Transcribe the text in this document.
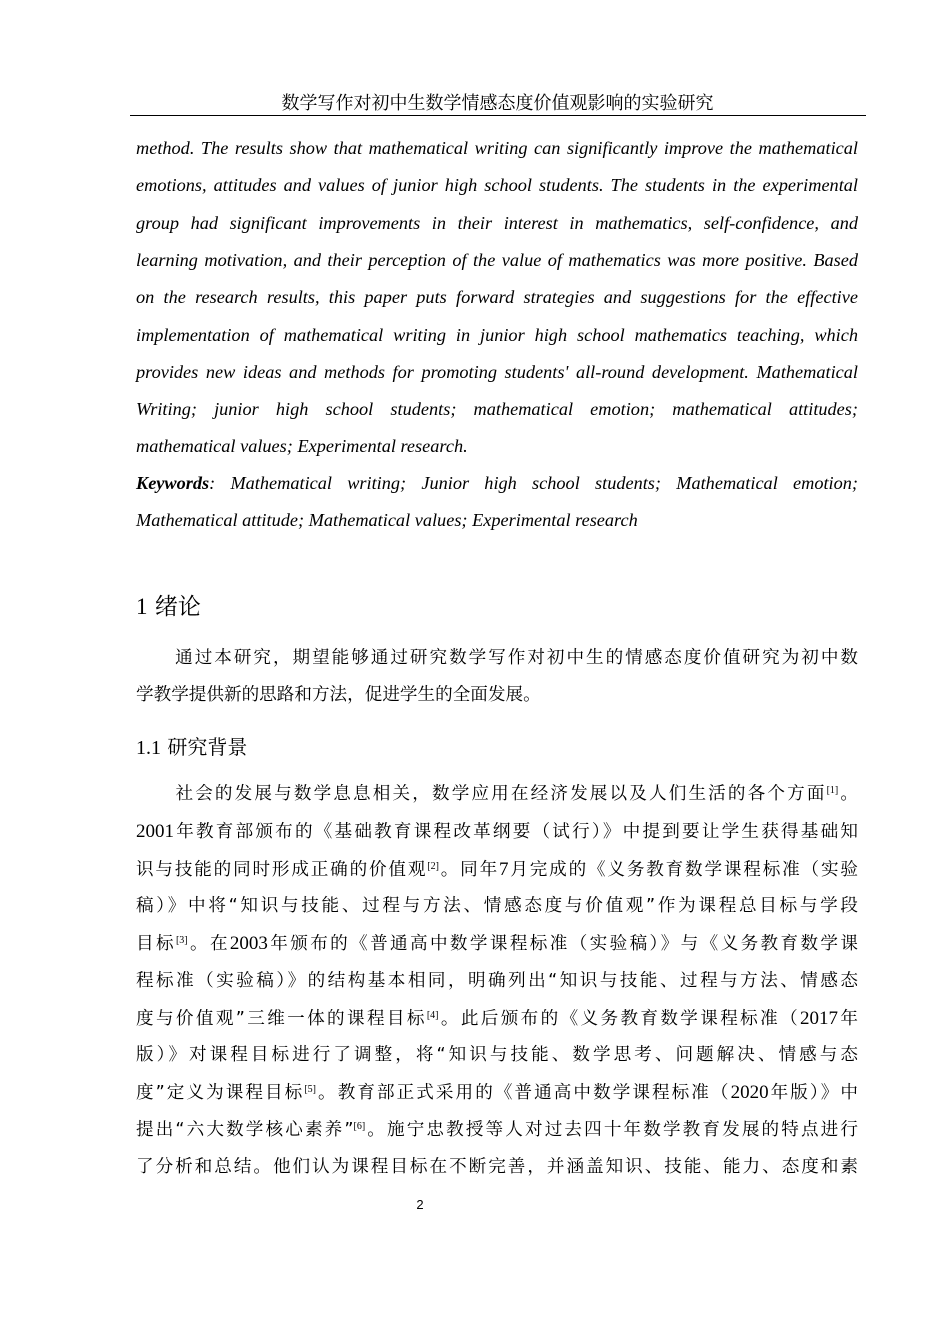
数学写作对初中生数学情感态度价值观影响的实验研究
method. The results show that mathematical writing can significantly improve the mathematical
emotions, attitudes and values of junior high school students. The students in the experimental
group had significant improvements in their interest in mathematics, self-confidence, and
learning motivation, and their perception of the value of mathematics was more positive. Based
on the research results, this paper puts forward strategies and suggestions for the effective
implementation of mathematical writing in junior high school mathematics teaching, which
provides new ideas and methods for promoting students' all-round development. Mathematical
Writing; junior high school students; mathematical emotion; mathematical attitudes;
mathematical values; Experimental research.
Keywords: Mathematical writing; Junior high school students; Mathematical emotion;
Mathematical attitude; Mathematical values; Experimental research
1 绪论
　　通过本研究，期望能够通过研究数学写作对初中生的情感态度价值研究为初中数
学教学提供新的思路和方法，促进学生的全面发展。
1.1 研究背景
　　社会的发展与数学息息相关，数学应用在经济发展以及人们生活的各个方面[1]。
2001年教育部颁布的《基础教育课程改革纲要（试行）》中提到要让学生获得基础知
识与技能的同时形成正确的价值观[2]。同年7月完成的《义务教育数学课程标准（实验
稿）》中将“知识与技能、过程与方法、情感态度与价值观”作为课程总目标与学段
目标[3]。在2003年颁布的《普通高中数学课程标准（实验稿）》与《义务教育数学课
程标准（实验稿）》的结构基本相同，明确列出“知识与技能、过程与方法、情感态
度与价值观”三维一体的课程目标[4]。此后颁布的《义务教育数学课程标准（2017年
版）》对课程目标进行了调整，将“知识与技能、数学思考、问题解决、情感与态
度”定义为课程目标[5]。教育部正式采用的《普通高中数学课程标准（2020年版）》中
提出“六大数学核心素养”[6]。施宁忠教授等人对过去四十年数学教育发展的特点进行
了分析和总结。他们认为课程目标在不断完善，并涵盖知识、技能、能力、态度和素
2
